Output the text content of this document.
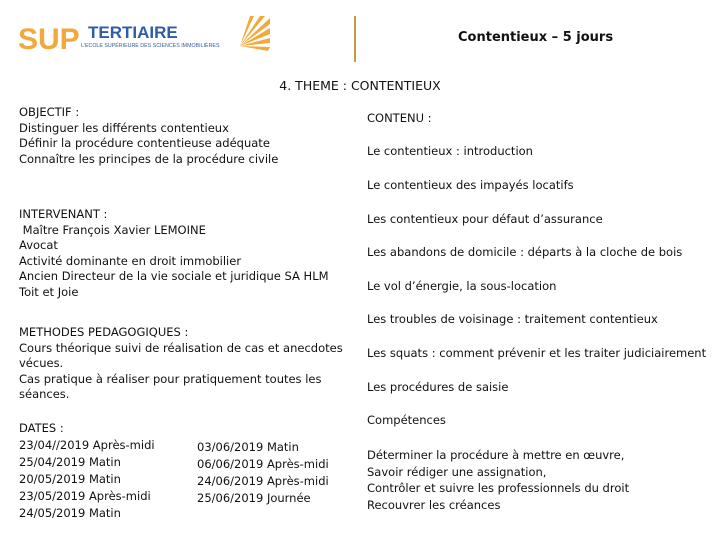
SUP TERTIAIRE
L'ECOLE SUPÉRIEURE DES SCIENCES IMMOBILIÈRES
Contentieux – 5 jours
4. THEME : CONTENTIEUX
OBJECTIF :
Distinguer les différents contentieux
Définir la procédure contentieuse adéquate
Connaître les principes de la procédure civile
INTERVENANT :
Maître François Xavier LEMOINE
Avocat
Activité dominante en droit immobilier
Ancien Directeur de la vie sociale et juridique SA HLM
Toit et Joie
METHODES PEDAGOGIQUES :
Cours théorique suivi de réalisation de cas et anecdotes
vécues.
Cas pratique à réaliser pour pratiquement toutes les
séances.
DATES :
23/04//2019 Après-midi
25/04/2019 Matin
20/05/2019 Matin
23/05/2019 Après-midi
24/05/2019 Matin
03/06/2019 Matin
06/06/2019 Après-midi
24/06/2019 Après-midi
25/06/2019 Journée
CONTENU :
Le contentieux : introduction
Le contentieux des impayés locatifs
Les contentieux pour défaut d’assurance
Les abandons de domicile : départs à la cloche de bois
Le vol d’énergie, la sous-location
Les troubles de voisinage : traitement contentieux
Les squats : comment prévenir et les traiter judiciairement
Les procédures de saisie
Compétences
Déterminer la procédure à mettre en œuvre,
Savoir rédiger une assignation,
Contrôler et suivre les professionnels du droit
Recouvrer les créances
